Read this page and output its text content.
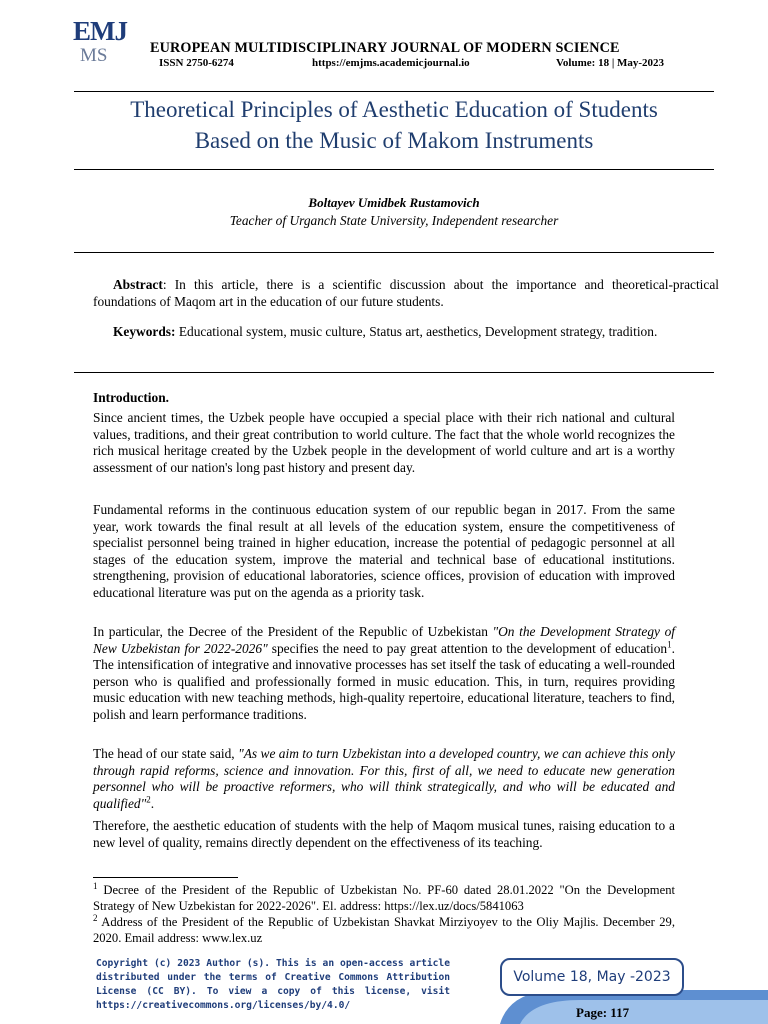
EMJ
MS	EUROPEAN MULTIDISCIPLINARY JOURNAL OF MODERN SCIENCE
ISSN 2750-6274	https://emjms.academicjournal.io	Volume: 18 | May-2023
Theoretical Principles of Aesthetic Education of Students
Based on the Music of Makom Instruments
Boltayev Umidbek Rustamovich
Teacher of Urganch State University, Independent researcher
Abstract: In this article, there is a scientific discussion about the importance and theoretical-practical foundations of Maqom art in the education of our future students.
Keywords: Educational system, music culture, Status art, aesthetics, Development strategy, tradition.
Introduction.
Since ancient times, the Uzbek people have occupied a special place with their rich national and cultural values, traditions, and their great contribution to world culture. The fact that the whole world recognizes the rich musical heritage created by the Uzbek people in the development of world culture and art is a worthy assessment of our nation's long past history and present day.
Fundamental reforms in the continuous education system of our republic began in 2017. From the same year, work towards the final result at all levels of the education system, ensure the competitiveness of specialist personnel being trained in higher education, increase the potential of pedagogic personnel at all stages of the education system, improve the material and technical base of educational institutions. strengthening, provision of educational laboratories, science offices, provision of education with improved educational literature was put on the agenda as a priority task.
In particular, the Decree of the President of the Republic of Uzbekistan "On the Development Strategy of New Uzbekistan for 2022-2026" specifies the need to pay great attention to the development of education$^1$. The intensification of integrative and innovative processes has set itself the task of educating a well-rounded person who is qualified and professionally formed in music education. This, in turn, requires providing music education with new teaching methods, high-quality repertoire, educational literature, teachers to find, polish and learn performance traditions.
The head of our state said, "As we aim to turn Uzbekistan into a developed country, we can achieve this only through rapid reforms, science and innovation. For this, first of all, we need to educate new generation personnel who will be proactive reformers, who will think strategically, and who will be educated and qualified"$^2$.
Therefore, the aesthetic education of students with the help of Maqom musical tunes, raising education to a new level of quality, remains directly dependent on the effectiveness of its teaching.
$^1$ Decree of the President of the Republic of Uzbekistan No. PF-60 dated 28.01.2022 "On the Development Strategy of New Uzbekistan for 2022-2026". El. address: https://lex.uz/docs/5841063
$^2$ Address of the President of the Republic of Uzbekistan Shavkat Mirziyoyev to the Oliy Majlis. December 29, 2020. Email address: www.lex.uz
Copyright (c) 2023 Author (s). This is an open-access article distributed under the terms of Creative Commons Attribution License (CC BY). To view a copy of this license, visit https://creativecommons.org/licenses/by/4.0/
Volume 18, May -2023
Page: 117
